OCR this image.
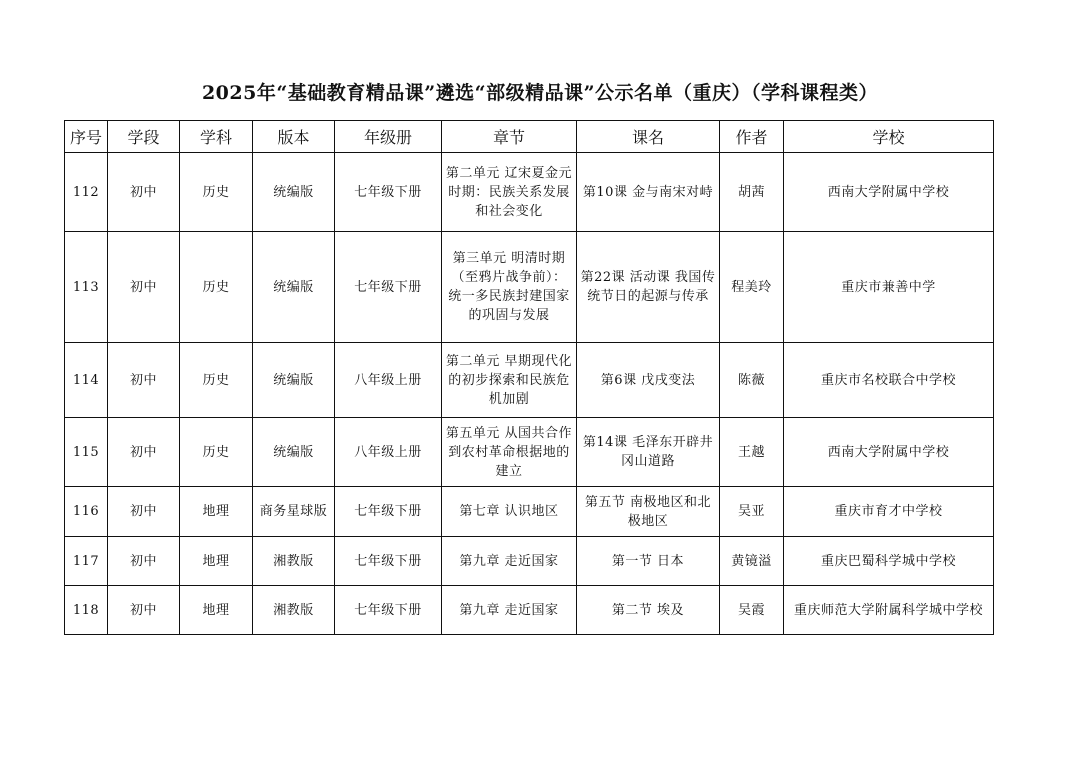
2025年“基础教育精品课”遴选“部级精品课”公示名单（重庆）（学科课程类）
序号	学段	学科	版本	年级册	章节	课名	作者	学校
112	初中	历史	统编版	七年级下册	第二单元 辽宋夏金元时期：民族关系发展和社会变化	第10课 金与南宋对峙	胡茜	西南大学附属中学校
113	初中	历史	统编版	七年级下册	第三单元 明清时期（至鸦片战争前）：统一多民族封建国家的巩固与发展	第22课 活动课 我国传统节日的起源与传承	程美玲	重庆市兼善中学
114	初中	历史	统编版	八年级上册	第二单元 早期现代化的初步探索和民族危机加剧	第6课 戊戌变法	陈薇	重庆市名校联合中学校
115	初中	历史	统编版	八年级上册	第五单元 从国共合作到农村革命根据地的建立	第14课 毛泽东开辟井冈山道路	王越	西南大学附属中学校
116	初中	地理	商务星球版	七年级下册	第七章 认识地区	第五节 南极地区和北极地区	吴亚	重庆市育才中学校
117	初中	地理	湘教版	七年级下册	第九章 走近国家	第一节 日本	黄镜溢	重庆巴蜀科学城中学校
118	初中	地理	湘教版	七年级下册	第九章 走近国家	第二节 埃及	吴霞	重庆师范大学附属科学城中学校
